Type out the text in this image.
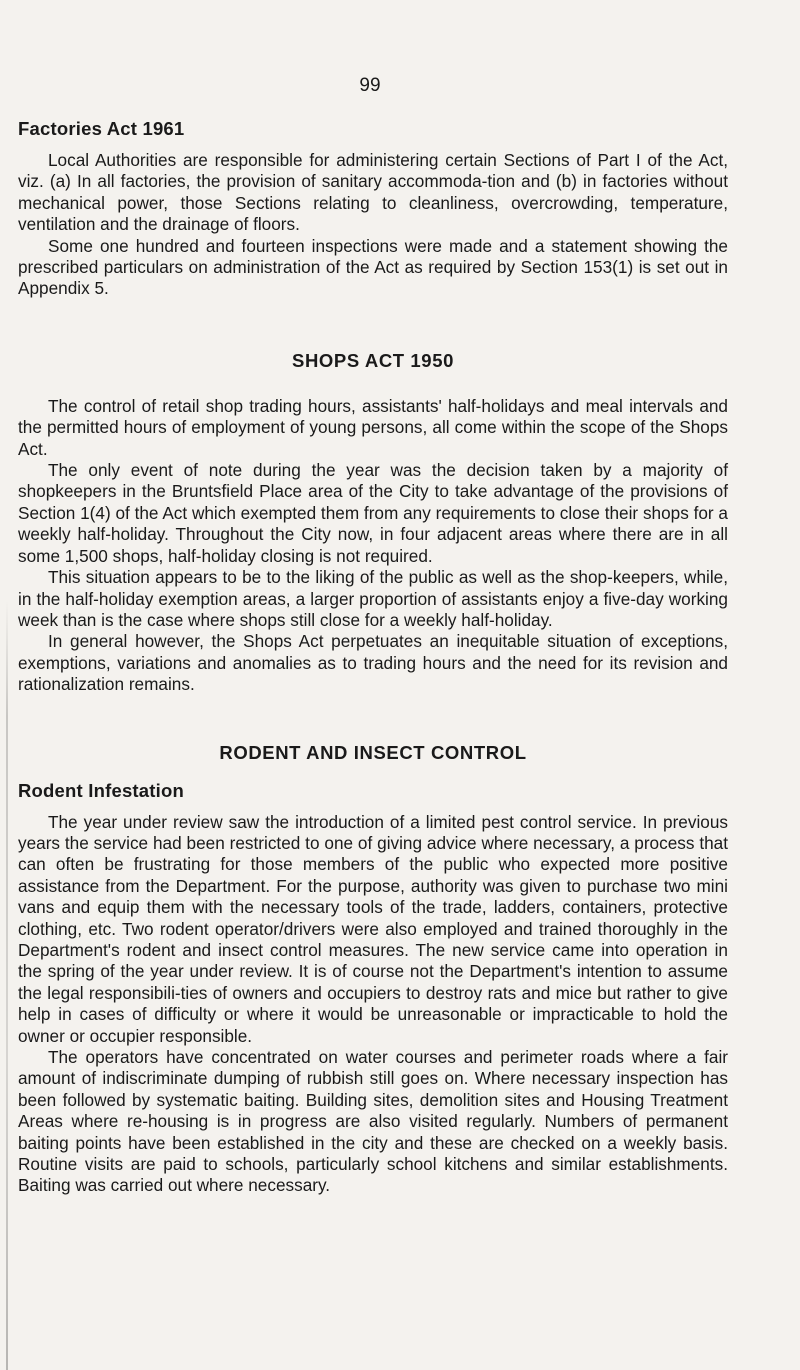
99
Factories Act 1961

Local Authorities are responsible for administering certain Sections of Part I of the Act, viz. (a) In all factories, the provision of sanitary accommoda-tion and (b) in factories without mechanical power, those Sections relating to cleanliness, overcrowding, temperature, ventilation and the drainage of floors.

Some one hundred and fourteen inspections were made and a statement showing the prescribed particulars on administration of the Act as required by Section 153(1) is set out in Appendix 5.

SHOPS ACT 1950

The control of retail shop trading hours, assistants' half-holidays and meal intervals and the permitted hours of employment of young persons, all come within the scope of the Shops Act.

The only event of note during the year was the decision taken by a majority of shopkeepers in the Bruntsfield Place area of the City to take advantage of the provisions of Section 1(4) of the Act which exempted them from any requirements to close their shops for a weekly half-holiday. Throughout the City now, in four adjacent areas where there are in all some 1,500 shops, half-holiday closing is not required.

This situation appears to be to the liking of the public as well as the shop-keepers, while, in the half-holiday exemption areas, a larger proportion of assistants enjoy a five-day working week than is the case where shops still close for a weekly half-holiday.

In general however, the Shops Act perpetuates an inequitable situation of exceptions, exemptions, variations and anomalies as to trading hours and the need for its revision and rationalization remains.

RODENT AND INSECT CONTROL
Rodent Infestation

The year under review saw the introduction of a limited pest control service. In previous years the service had been restricted to one of giving advice where necessary, a process that can often be frustrating for those members of the public who expected more positive assistance from the Department. For the purpose, authority was given to purchase two mini vans and equip them with the necessary tools of the trade, ladders, containers, protective clothing, etc. Two rodent operator/drivers were also employed and trained thoroughly in the Department's rodent and insect control measures. The new service came into operation in the spring of the year under review. It is of course not the Department's intention to assume the legal responsibili-ties of owners and occupiers to destroy rats and mice but rather to give help in cases of difficulty or where it would be unreasonable or impracticable to hold the owner or occupier responsible.

The operators have concentrated on water courses and perimeter roads where a fair amount of indiscriminate dumping of rubbish still goes on. Where necessary inspection has been followed by systematic baiting. Building sites, demolition sites and Housing Treatment Areas where re-housing is in progress are also visited regularly. Numbers of permanent baiting points have been established in the city and these are checked on a weekly basis. Routine visits are paid to schools, particularly school kitchens and similar establishments. Baiting was carried out where necessary.
